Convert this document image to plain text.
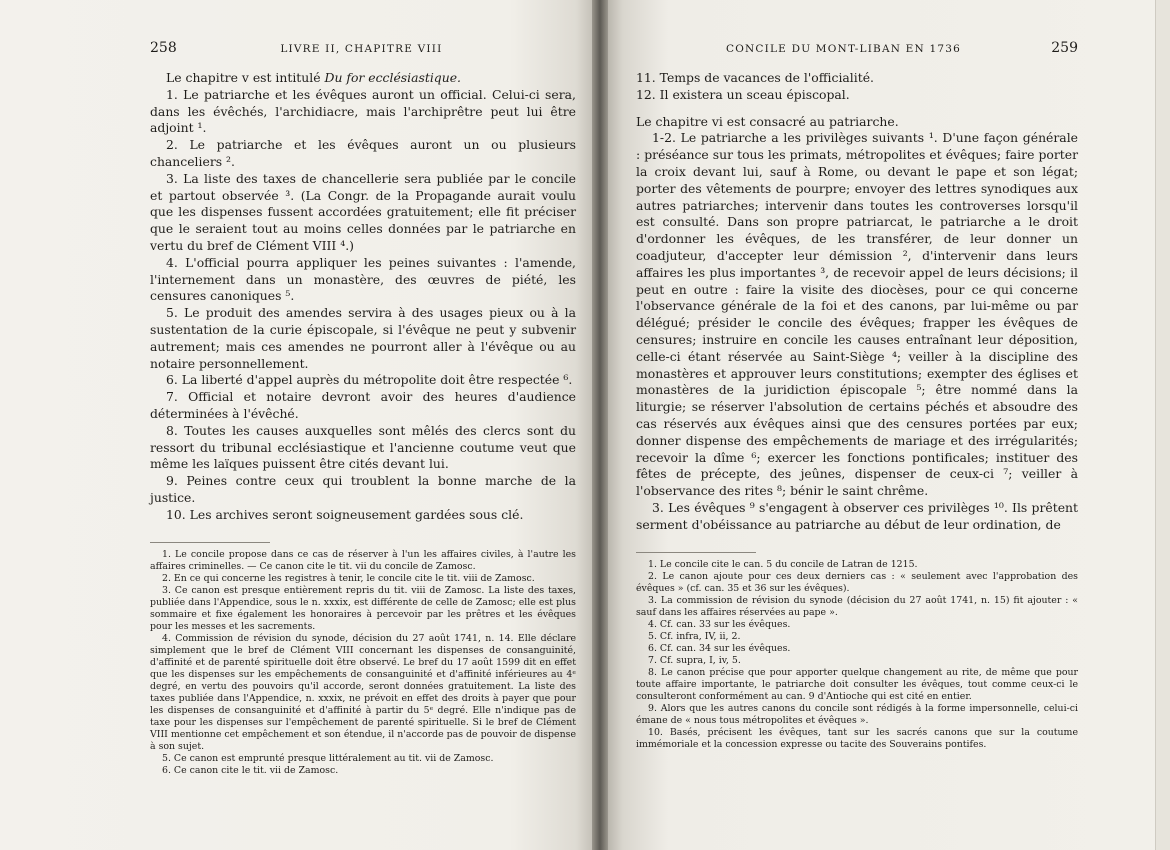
258	LIVRE II, CHAPITRE VIII

Le chapitre v est intitulé Du for ecclésiastique.

1. Le patriarche et les évêques auront un official. Celui-ci sera, dans les évêchés, l'archidiacre, mais l'archiprêtre peut lui être adjoint ¹.

2. Le patriarche et les évêques auront un ou plusieurs chanceliers ².

3. La liste des taxes de chancellerie sera publiée par le concile et partout observée ³. (La Congr. de la Propagande aurait voulu que les dispenses fussent accordées gratuitement; elle fit préciser que le seraient tout au moins celles données par le patriarche en vertu du bref de Clément VIII ⁴.)

4. L'official pourra appliquer les peines suivantes : l'amende, l'internement dans un monastère, des œuvres de piété, les censures canoniques ⁵.

5. Le produit des amendes servira à des usages pieux ou à la sustentation de la curie épiscopale, si l'évêque ne peut y subvenir autrement; mais ces amendes ne pourront aller à l'évêque ou au notaire personnellement.

6. La liberté d'appel auprès du métropolite doit être respectée ⁶.

7. Official et notaire devront avoir des heures d'audience déterminées à l'évêché.

8. Toutes les causes auxquelles sont mêlés des clercs sont du ressort du tribunal ecclésiastique et l'ancienne coutume veut que même les laïques puissent être cités devant lui.

9. Peines contre ceux qui troublent la bonne marche de la justice.

10. Les archives seront soigneusement gardées sous clé.

1. Le concile propose dans ce cas de réserver à l'un les affaires civiles, à l'autre les affaires criminelles. — Ce canon cite le tit. vii du concile de Zamosc.

2. En ce qui concerne les registres à tenir, le concile cite le tit. viii de Zamosc.

3. Ce canon est presque entièrement repris du tit. viii de Zamosc. La liste des taxes, publiée dans l'Appendice, sous le n. xxxix, est différente de celle de Zamosc; elle est plus sommaire et fixe également les honoraires à percevoir par les prêtres et les évêques pour les messes et les sacrements.

4. Commission de révision du synode, décision du 27 août 1741, n. 14. Elle déclare simplement que le bref de Clément VIII concernant les dispenses de consanguinité, d'affinité et de parenté spirituelle doit être observé. Le bref du 17 août 1599 dit en effet que les dispenses sur les empêchements de consanguinité et d'affinité inférieures au 4ᵉ degré, en vertu des pouvoirs qu'il accorde, seront données gratuitement. La liste des taxes publiée dans l'Appendice, n. xxxix, ne prévoit en effet des droits à payer que pour les dispenses de consanguinité et d'affinité à partir du 5ᵉ degré. Elle n'indique pas de taxe pour les dispenses sur l'empêchement de parenté spirituelle. Si le bref de Clément VIII mentionne cet empêchement et son étendue, il n'accorde pas de pouvoir de dispense à son sujet.

5. Ce canon est emprunté presque littéralement au tit. vii de Zamosc.

6. Ce canon cite le tit. vii de Zamosc.

CONCILE DU MONT-LIBAN EN 1736	259

11. Temps de vacances de l'officialité.

12. Il existera un sceau épiscopal.

Le chapitre vi est consacré au patriarche.

1-2. Le patriarche a les privilèges suivants ¹. D'une façon générale : préséance sur tous les primats, métropolites et évêques; faire porter la croix devant lui, sauf à Rome, ou devant le pape et son légat; porter des vêtements de pourpre; envoyer des lettres synodiques aux autres patriarches; intervenir dans toutes les controverses lorsqu'il est consulté. Dans son propre patriarcat, le patriarche a le droit d'ordonner les évêques, de les transférer, de leur donner un coadjuteur, d'accepter leur démission ², d'intervenir dans leurs affaires les plus importantes ³, de recevoir appel de leurs décisions; il peut en outre : faire la visite des diocèses, pour ce qui concerne l'observance générale de la foi et des canons, par lui-même ou par délégué; présider le concile des évêques; frapper les évêques de censures; instruire en concile les causes entraînant leur déposition, celle-ci étant réservée au Saint-Siège ⁴; veiller à la discipline des monastères et approuver leurs constitutions; exempter des églises et monastères de la juridiction épiscopale ⁵; être nommé dans la liturgie; se réserver l'absolution de certains péchés et absoudre des cas réservés aux évêques ainsi que des censures portées par eux; donner dispense des empêchements de mariage et des irrégularités; recevoir la dîme ⁶; exercer les fonctions pontificales; instituer des fêtes de précepte, des jeûnes, dispenser de ceux-ci ⁷; veiller à l'observance des rites ⁸; bénir le saint chrême.

3. Les évêques ⁹ s'engagent à observer ces privilèges ¹⁰. Ils prêtent serment d'obéissance au patriarche au début de leur ordination, de

1. Le concile cite le can. 5 du concile de Latran de 1215.

2. Le canon ajoute pour ces deux derniers cas : « seulement avec l'approbation des évêques » (cf. can. 35 et 36 sur les évêques).

3. La commission de révision du synode (décision du 27 août 1741, n. 15) fit ajouter : « sauf dans les affaires réservées au pape ».

4. Cf. can. 33 sur les évêques.

5. Cf. infra, IV, ii, 2.

6. Cf. can. 34 sur les évêques.

7. Cf. supra, I, iv, 5.

8. Le canon précise que pour apporter quelque changement au rite, de même que pour toute affaire importante, le patriarche doit consulter les évêques, tout comme ceux-ci le consulteront conformément au can. 9 d'Antioche qui est cité en entier.

9. Alors que les autres canons du concile sont rédigés à la forme impersonnelle, celui-ci émane de « nous tous métropolites et évêques ».

10. Basés, précisent les évêques, tant sur les sacrés canons que sur la coutume immémoriale et la concession expresse ou tacite des Souverains pontifes.
